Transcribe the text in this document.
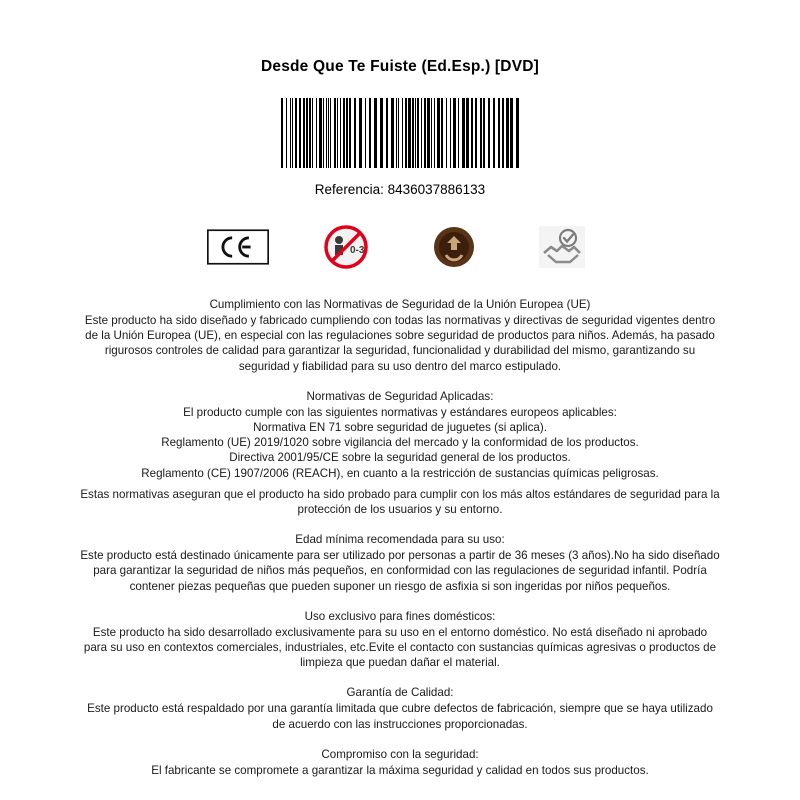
Desde Que Te Fuiste (Ed.Esp.) [DVD]
Referencia: 8436037886133
0-3

Cumplimiento con las Normativas de Seguridad de la Unión Europea (UE)

Este producto ha sido diseñado y fabricado cumpliendo con todas las normativas y directivas de seguridad vigentes dentro de la Unión Europea (UE), en especial con las regulaciones sobre seguridad de productos para niños. Además, ha pasado rigurosos controles de calidad para garantizar la seguridad, funcionalidad y durabilidad del mismo, garantizando su seguridad y fiabilidad para su uso dentro del marco estipulado.

Normativas de Seguridad Aplicadas:

El producto cumple con las siguientes normativas y estándares europeos aplicables:

Normativa EN 71 sobre seguridad de juguetes (si aplica).

Reglamento (UE) 2019/1020 sobre vigilancia del mercado y la conformidad de los productos.

Directiva 2001/95/CE sobre la seguridad general de los productos.

Reglamento (CE) 1907/2006 (REACH), en cuanto a la restricción de sustancias químicas peligrosas.

Estas normativas aseguran que el producto ha sido probado para cumplir con los más altos estándares de seguridad para la protección de los usuarios y su entorno.

Edad mínima recomendada para su uso:

Este producto está destinado únicamente para ser utilizado por personas a partir de 36 meses (3 años).No ha sido diseñado para garantizar la seguridad de niños más pequeños, en conformidad con las regulaciones de seguridad infantil. Podría contener piezas pequeñas que pueden suponer un riesgo de asfixia si son ingeridas por niños pequeños.

Uso exclusivo para fines domésticos:

Este producto ha sido desarrollado exclusivamente para su uso en el entorno doméstico. No está diseñado ni aprobado para su uso en contextos comerciales, industriales, etc.Evite el contacto con sustancias químicas agresivas o productos de limpieza que puedan dañar el material.

Garantía de Calidad:

Este producto está respaldado por una garantía limitada que cubre defectos de fabricación, siempre que se haya utilizado de acuerdo con las instrucciones proporcionadas.

Compromiso con la seguridad:

El fabricante se compromete a garantizar la máxima seguridad y calidad en todos sus productos.
